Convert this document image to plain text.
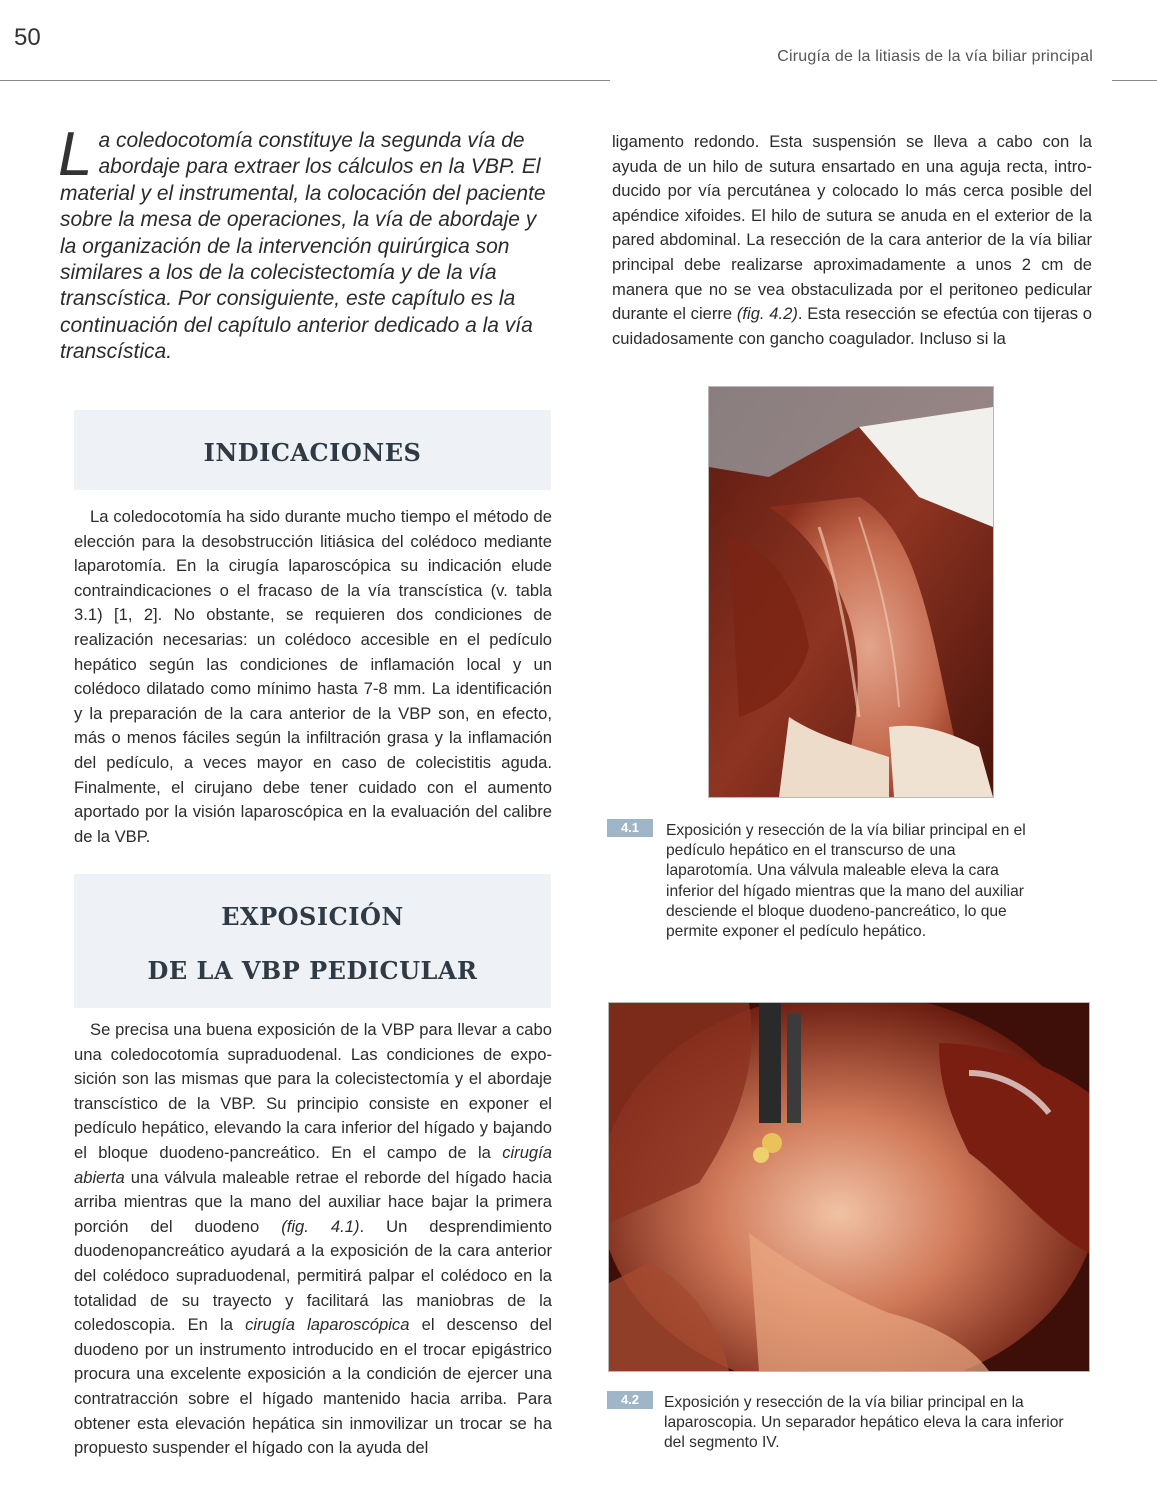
50
Cirugía de la litiasis de la vía biliar principal
La coledocotomía constituye la segunda vía de abordaje para extraer los cálculos en la VBP. El material y el instrumental, la colocación del paciente sobre la mesa de operaciones, la vía de abordaje y la organización de la intervención quirúrgica son similares a los de la colecistectomía y de la vía transcística. Por consiguiente, este capítulo es la continuación del capítulo anterior dedicado a la vía transcística.
INDICACIONES

La coledocotomía ha sido durante mucho tiempo el método de elección para la desobstrucción litiásica del colédoco mediante laparotomía. En la cirugía laparoscópica su indicación elude contraindicaciones o el fracaso de la vía transcística (v. tabla 3.1) [1, 2]. No obstante, se requieren dos condiciones de realización necesarias: un colédoco accesible en el pedículo hepático según las condiciones de inflamación local y un colédoco dilatado como mínimo hasta 7-8 mm. La identificación y la preparación de la cara anterior de la VBP son, en efecto, más o menos fáciles según la infiltración grasa y la inflamación del pedículo, a veces mayor en caso de colecistitis aguda. Finalmente, el cirujano debe tener cuidado con el aumento aportado por la visión laparoscópica en la evaluación del calibre de la VBP.

EXPOSICIÓN
DE LA VBP PEDICULAR

Se precisa una buena exposición de la VBP para llevar a cabo una coledocotomía supraduodenal. Las condiciones de exposición son las mismas que para la colecistectomía y el abordaje transcístico de la VBP. Su principio consiste en exponer el pedículo hepático, elevando la cara inferior del hígado y bajando el bloque duodeno-pancreático. En el campo de la cirugía abierta una válvula maleable retrae el reborde del hígado hacia arriba mientras que la mano del auxiliar hace bajar la primera porción del duodeno (fig. 4.1). Un desprendimiento duodenopancreático ayudará a la exposición de la cara anterior del colédoco supraduodenal, permitirá palpar el colédoco en la totalidad de su trayecto y facilitará las maniobras de la coledoscopia. En la cirugía laparoscópica el descenso del duodeno por un instrumento introducido en el trocar epigástrico procura una excelente exposición a la condición de ejercer una contratracción sobre el hígado mantenido hacia arriba. Para obtener esta elevación hepática sin inmovilizar un trocar se ha propuesto suspender el hígado con la ayuda del

ligamento redondo. Esta suspensión se lleva a cabo con la ayuda de un hilo de sutura ensartado en una aguja recta, introducido por vía percutánea y colocado lo más cerca posible del apéndice xifoides. El hilo de sutura se anuda en el exterior de la pared abdominal. La resección de la cara anterior de la vía biliar principal debe realizarse aproximadamente a unos 2 cm de manera que no se vea obstaculizada por el peritoneo pedicular durante el cierre (fig. 4.2). Esta resección se efectúa con tijeras o cuidadosamente con gancho coagulador. Incluso si la

4.1	Exposición y resección de la vía biliar principal en el pedículo hepático en el transcurso de una laparotomía. Una válvula maleable eleva la cara inferior del hígado mientras que la mano del auxiliar desciende el bloque duodeno-pancreático, lo que permite exponer el pedículo hepático.
4.2	Exposición y resección de la vía biliar principal en la laparoscopia. Un separador hepático eleva la cara inferior del segmento IV.
